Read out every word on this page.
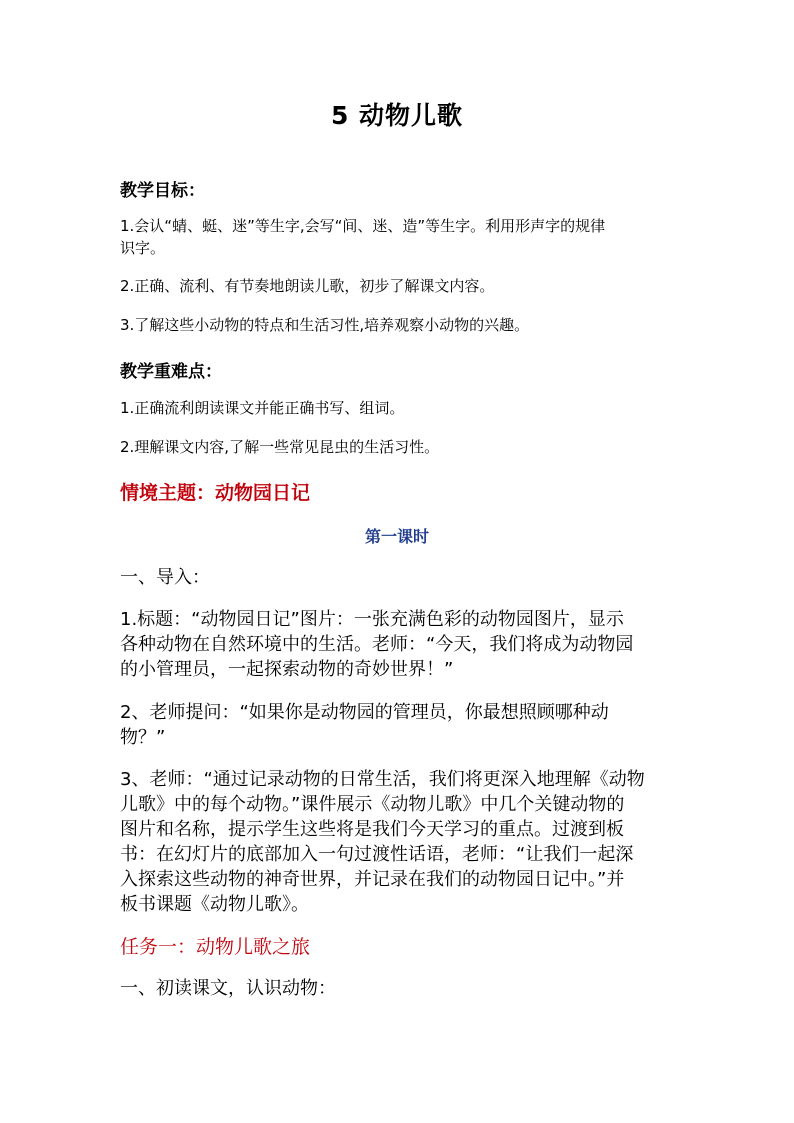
5 动物儿歌
教学目标：
1.会认“蜻、蜓、迷”等生字,会写“间、迷、造”等生字。利用形声字的规律
识字。
2.正确、流利、有节奏地朗读儿歌，初步了解课文内容。
3.了解这些小动物的特点和生活习性,培养观察小动物的兴趣。
教学重难点：
1.正确流利朗读课文并能正确书写、组词。
2.理解课文内容,了解一些常见昆虫的生活习性。
情境主题：动物园日记
第一课时
一、导入：
1.标题：“动物园日记”图片：一张充满色彩的动物园图片，显示
各种动物在自然环境中的生活。老师：“今天，我们将成为动物园
的小管理员，一起探索动物的奇妙世界！”
2、老师提问：“如果你是动物园的管理员，你最想照顾哪种动
物？”
3、老师：“通过记录动物的日常生活，我们将更深入地理解《动物
儿歌》中的每个动物。”课件展示《动物儿歌》中几个关键动物的
图片和名称，提示学生这些将是我们今天学习的重点。过渡到板
书：在幻灯片的底部加入一句过渡性话语，老师：“让我们一起深
入探索这些动物的神奇世界，并记录在我们的动物园日记中。”并
板书课题《动物儿歌》。
任务一：动物儿歌之旅
一、初读课文，认识动物：
